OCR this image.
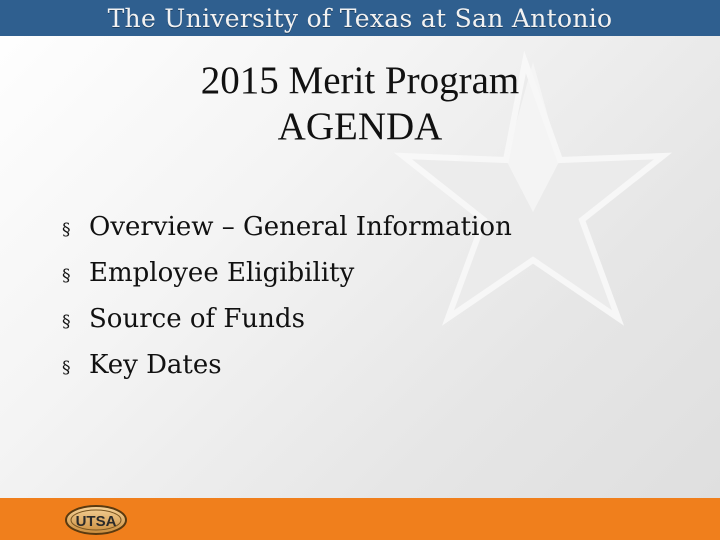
The University of Texas at San Antonio
2015 Merit Program
AGENDA
§ Overview – General Information
§ Employee Eligibility
§ Source of Funds
§ Key Dates
UTSA
